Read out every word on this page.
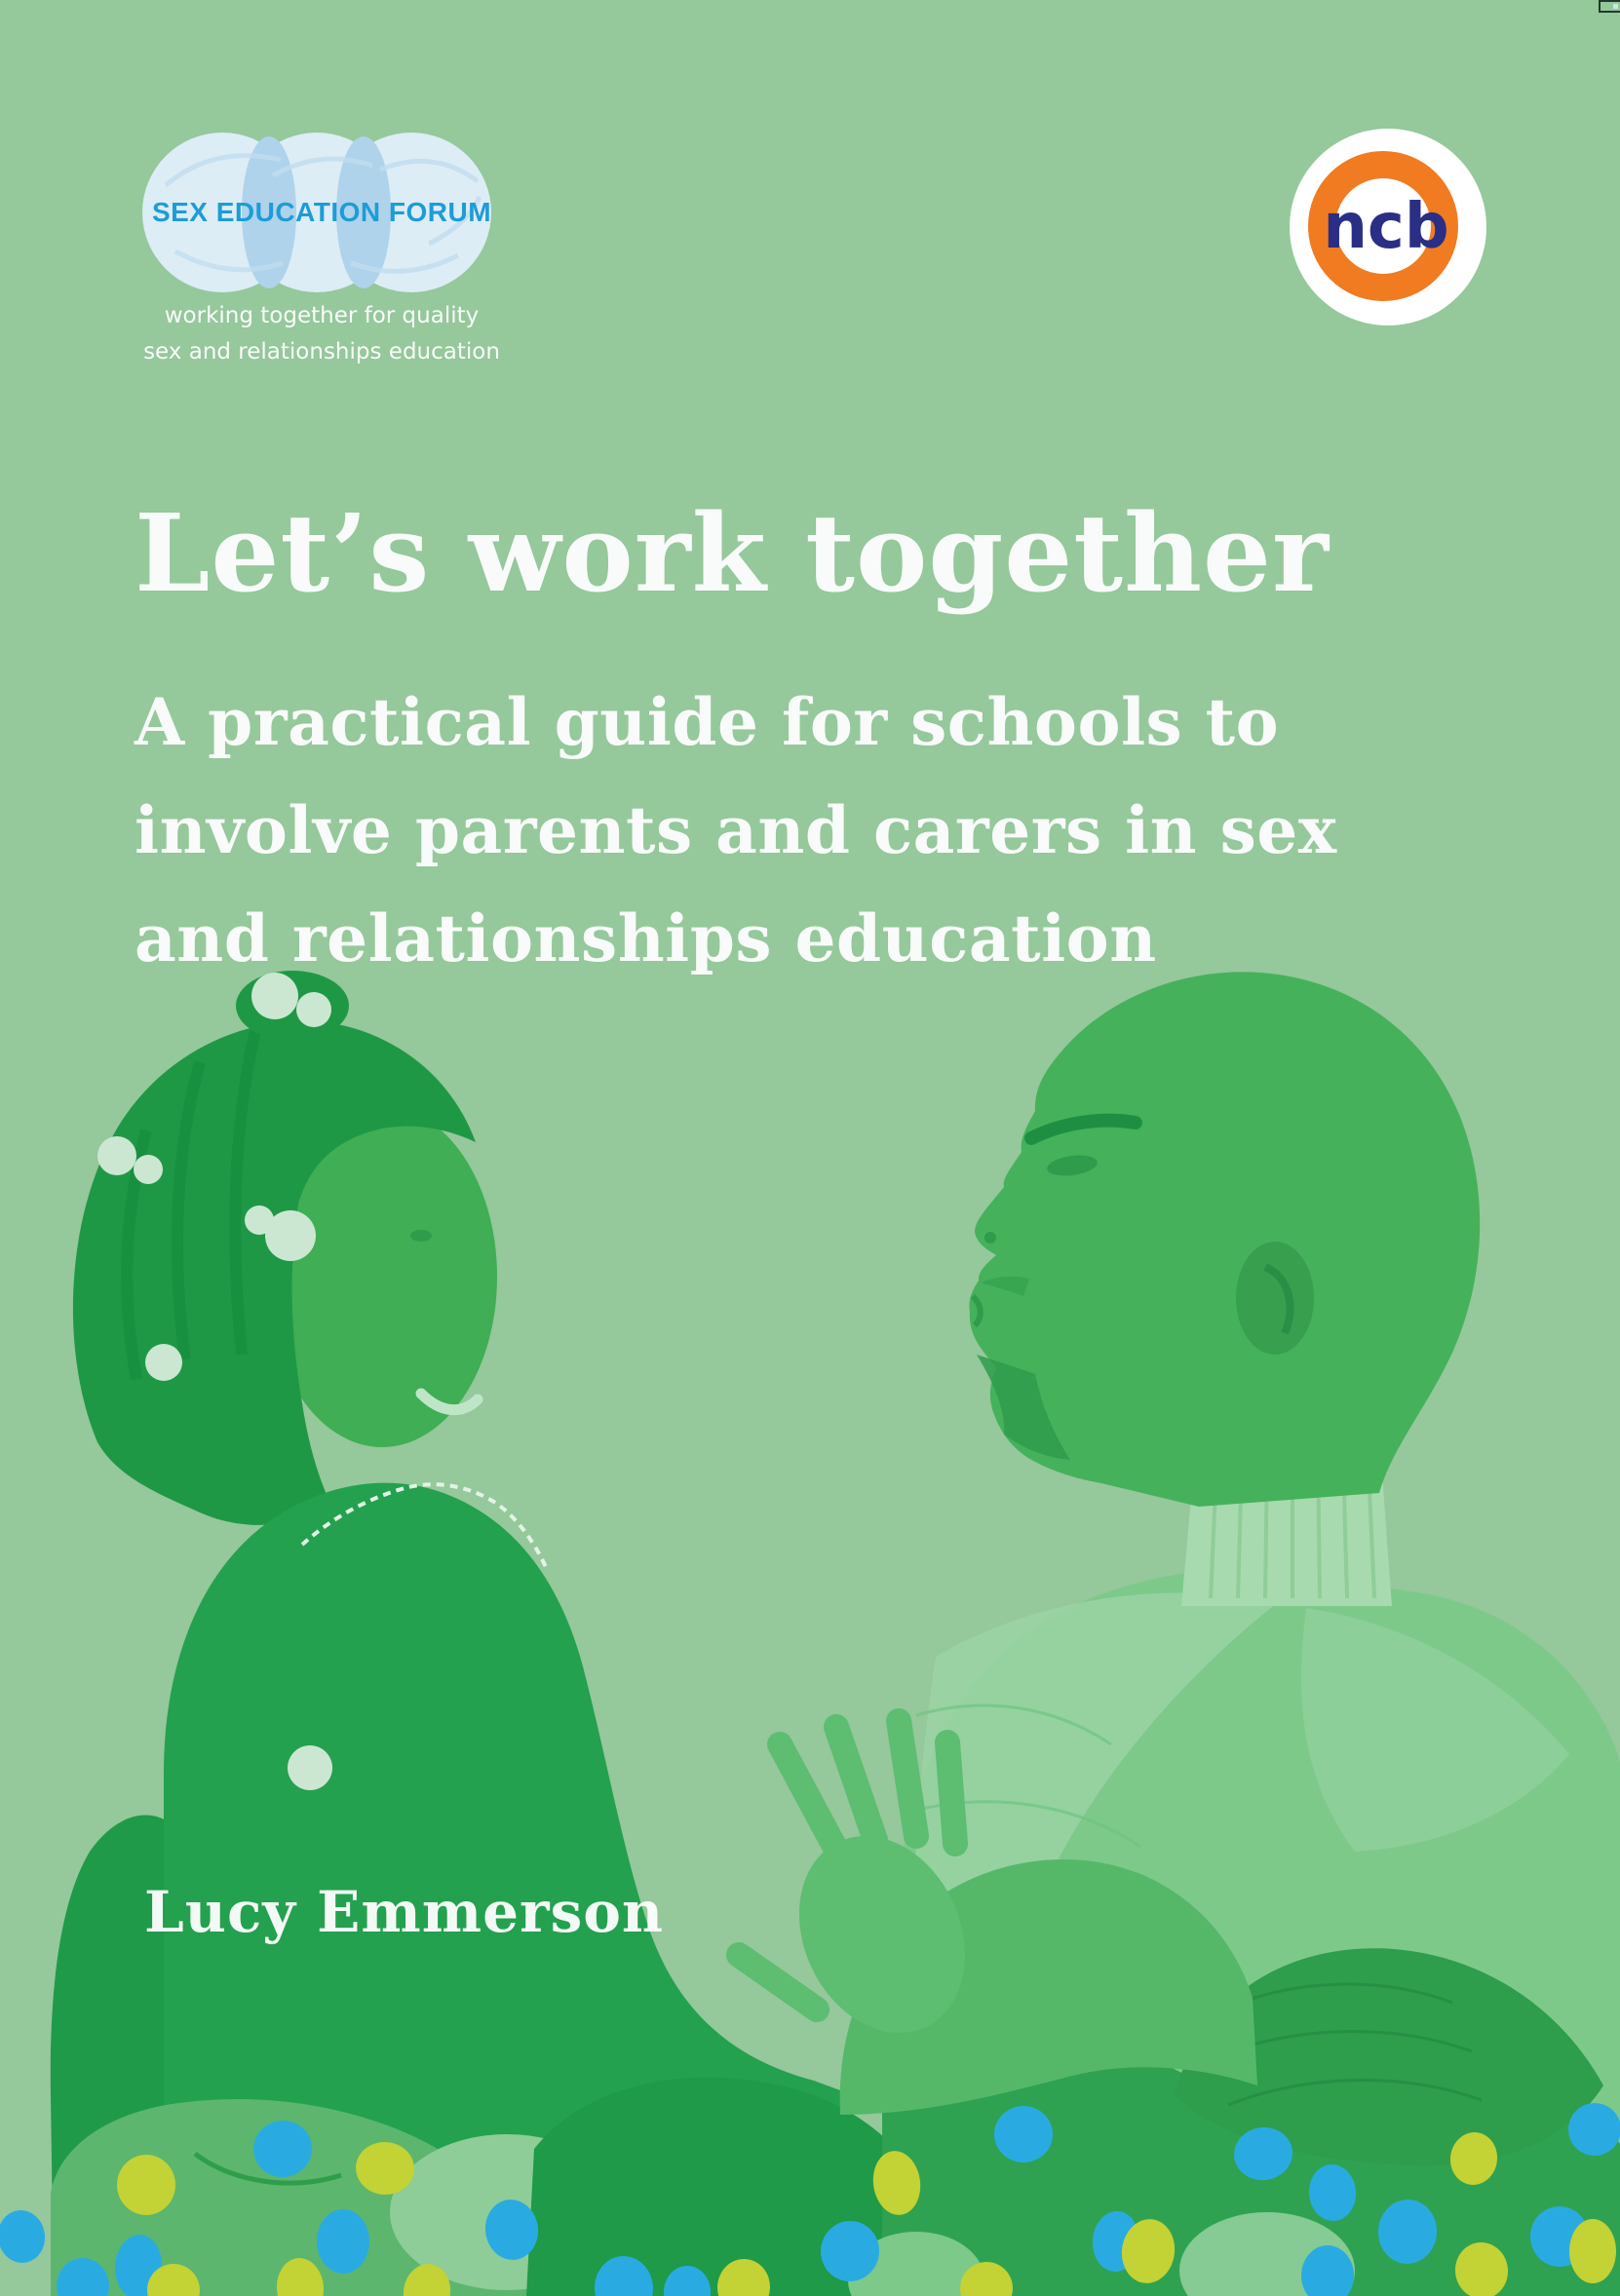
SEX EDUCATION FORUM
working together for quality
sex and relationships education
ncb
Let’s work together
A practical guide for schools to
involve parents and carers in sex
and relationships education
Lucy Emmerson
